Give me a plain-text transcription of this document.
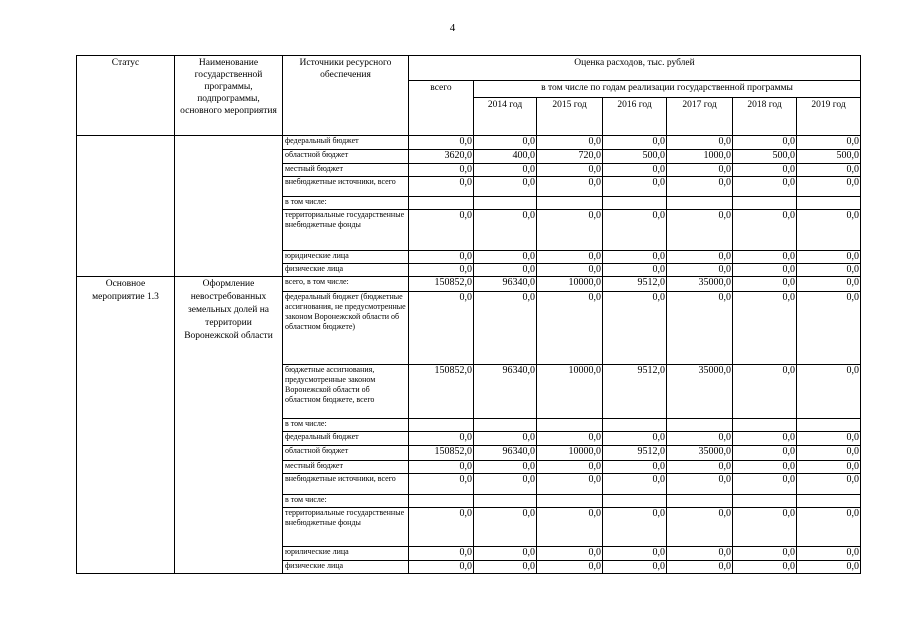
4
Статус	Наименование государственной программы, подпрограммы, основного мероприятия	Источники ресурсного обеспечения	Оценка расходов, тыс. рублей						
			всего	в том числе по годам реализации государственной программы					
				2014 год	2015 год	2016 год	2017 год	2018 год	2019 год
		федеральный бюджет	0,0	0,0	0,0	0,0	0,0	0,0	0,0
		областной бюджет	3620,0	400,0	720,0	500,0	1000,0	500,0	500,0
		местный бюджет	0,0	0,0	0,0	0,0	0,0	0,0	0,0
		внебюджетные источники, всего	0,0	0,0	0,0	0,0	0,0	0,0	0,0
		в том числе:							
		территориальные государственные внебюджетные фонды	0,0	0,0	0,0	0,0	0,0	0,0	0,0
		юридические лица	0,0	0,0	0,0	0,0	0,0	0,0	0,0
		физические лица	0,0	0,0	0,0	0,0	0,0	0,0	0,0
Основное мероприятие 1.3	Оформление невостребованных земельных долей на территории Воронежской области	всего, в том числе:	150852,0	96340,0	10000,0	9512,0	35000,0	0,0	0,0
		федеральный бюджет (бюджетные ассигнования, не предусмотренные законом Воронежской области об областном бюджете)	0,0	0,0	0,0	0,0	0,0	0,0	0,0
		бюджетные ассигнования, предусмотренные законом Воронежской области об областном бюджете, всего	150852,0	96340,0	10000,0	9512,0	35000,0	0,0	0,0
		в том числе:							
		федеральный бюджет	0,0	0,0	0,0	0,0	0,0	0,0	0,0
		областной бюджет	150852,0	96340,0	10000,0	9512,0	35000,0	0,0	0,0
		местный бюджет	0,0	0,0	0,0	0,0	0,0	0,0	0,0
		внебюджетные источники, всего	0,0	0,0	0,0	0,0	0,0	0,0	0,0
		в том числе:							
		территориальные государственные внебюджетные фонды	0,0	0,0	0,0	0,0	0,0	0,0	0,0
		юрилические лица	0,0	0,0	0,0	0,0	0,0	0,0	0,0
		физические лица	0,0	0,0	0,0	0,0	0,0	0,0	0,0
